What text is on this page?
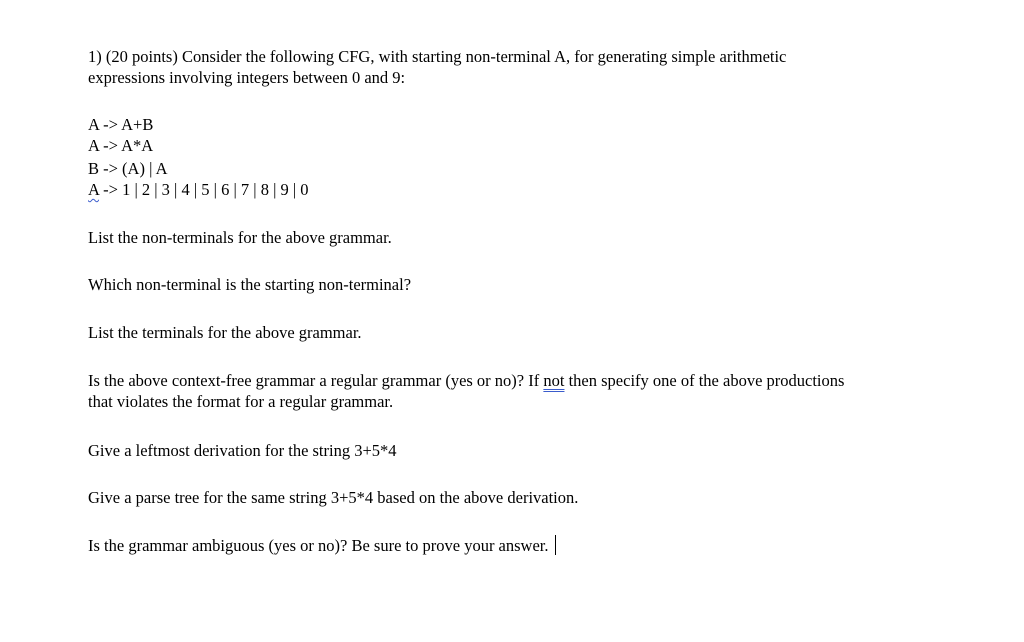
1) (20 points) Consider the following CFG, with starting non-terminal A, for generating simple arithmetic

expressions involving integers between 0 and 9:

A -> A+B

A -> A*A

B -> (A) | A

A -> 1 | 2 | 3 | 4 | 5 | 6 | 7 | 8 | 9 | 0

List the non-terminals for the above grammar.

Which non-terminal is the starting non-terminal?

List the terminals for the above grammar.

Is the above context-free grammar a regular grammar (yes or no)? If not then specify one of the above productions

that violates the format for a regular grammar.

Give a leftmost derivation for the string 3+5*4

Give a parse tree for the same string 3+5*4 based on the above derivation.

Is the grammar ambiguous (yes or no)? Be sure to prove your answer.
